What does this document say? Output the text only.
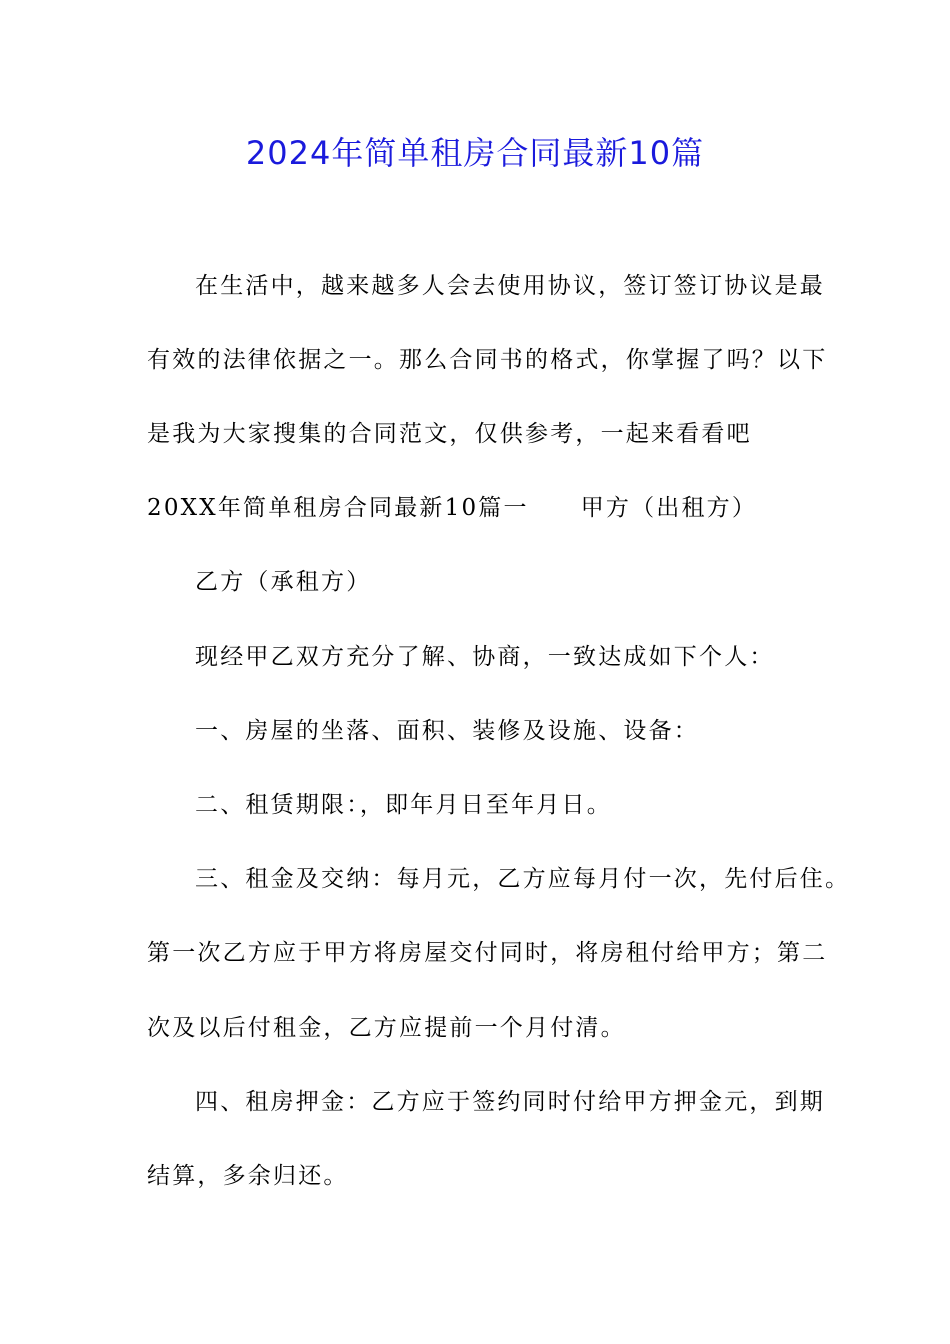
2024年简单租房合同最新10篇
在生活中，越来越多人会去使用协议，签订签订协议是最
有效的法律依据之一。那么合同书的格式，你掌握了吗？以下
是我为大家搜集的合同范文，仅供参考，一起来看看吧
20XX年简单租房合同最新10篇一 甲方（出租方）
乙方（承租方）
现经甲乙双方充分了解、协商，一致达成如下个人：
一、房屋的坐落、面积、装修及设施、设备：
二、租赁期限：，即年月日至年月日。
三、租金及交纳：每月元，乙方应每月付一次，先付后住。
第一次乙方应于甲方将房屋交付同时，将房租付给甲方；第二
次及以后付租金，乙方应提前一个月付清。
四、租房押金：乙方应于签约同时付给甲方押金元，到期
结算，多余归还。
